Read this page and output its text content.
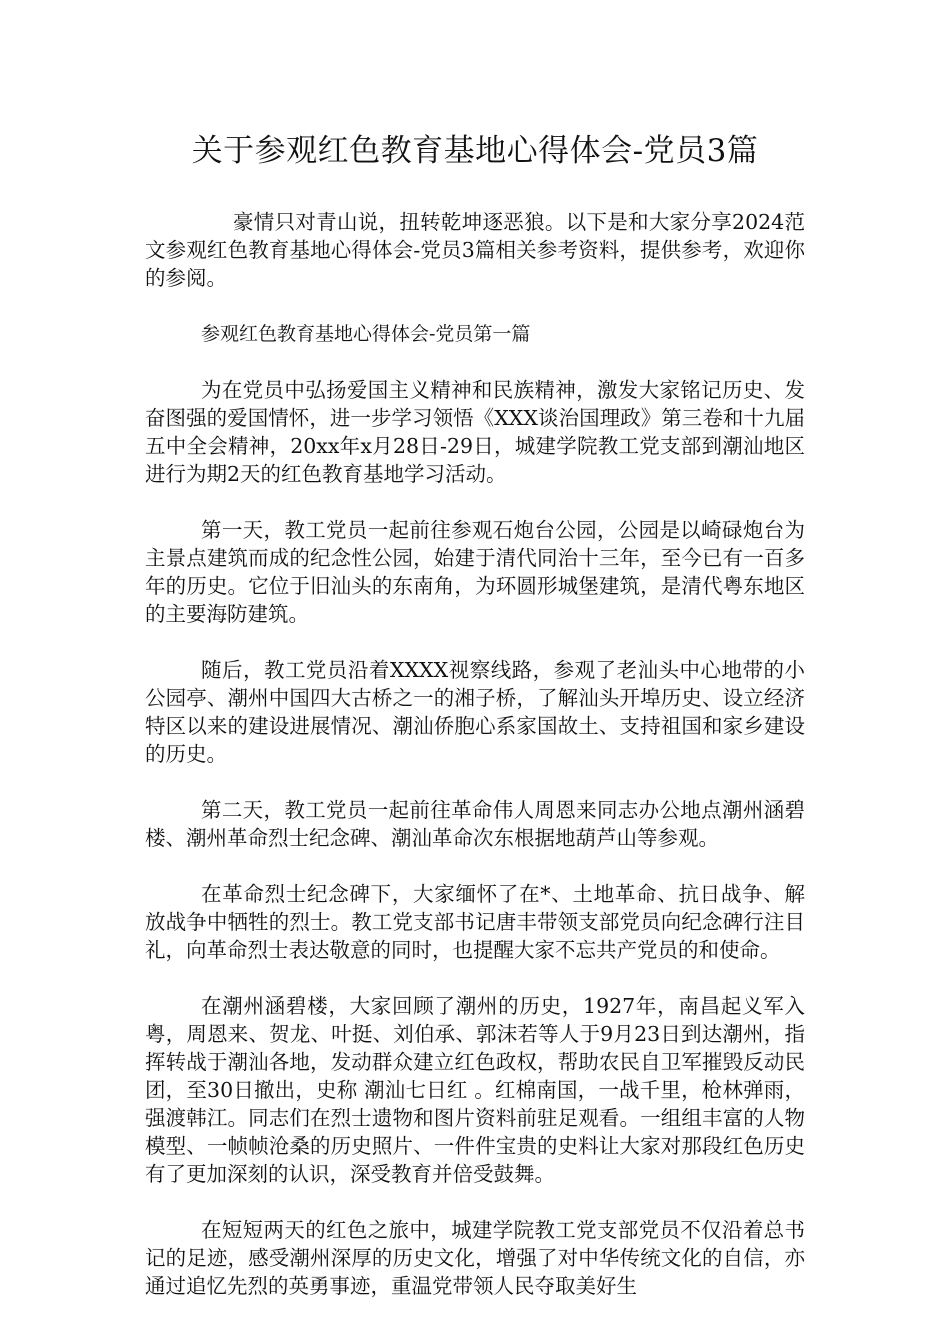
关于参观红色教育基地心得体会-党员3篇

豪情只对青山说，扭转乾坤逐恶狼。以下是和大家分享2024范文参观红色教育基地心得体会-党员3篇相关参考资料，提供参考，欢迎你的参阅。

参观红色教育基地心得体会-党员第一篇

为在党员中弘扬爱国主义精神和民族精神，激发大家铭记历史、发奋图强的爱国情怀，进一步学习领悟《XXX谈治国理政》第三卷和十九届五中全会精神，20xx年x月28日-29日，城建学院教工党支部到潮汕地区进行为期2天的红色教育基地学习活动。

第一天，教工党员一起前往参观石炮台公园，公园是以崎碌炮台为主景点建筑而成的纪念性公园，始建于清代同治十三年，至今已有一百多年的历史。它位于旧汕头的东南角，为环圆形城堡建筑，是清代粤东地区的主要海防建筑。

随后，教工党员沿着XXXX视察线路，参观了老汕头中心地带的小公园亭、潮州中国四大古桥之一的湘子桥，了解汕头开埠历史、设立经济特区以来的建设进展情况、潮汕侨胞心系家国故土、支持祖国和家乡建设的历史。

第二天，教工党员一起前往革命伟人周恩来同志办公地点潮州涵碧楼、潮州革命烈士纪念碑、潮汕革命次东根据地葫芦山等参观。

在革命烈士纪念碑下，大家缅怀了在*、土地革命、抗日战争、解放战争中牺牲的烈士。教工党支部书记唐丰带领支部党员向纪念碑行注目礼，向革命烈士表达敬意的同时，也提醒大家不忘共产党员的和使命。

在潮州涵碧楼，大家回顾了潮州的历史，1927年，南昌起义军入粤，周恩来、贺龙、叶挺、刘伯承、郭沫若等人于9月23日到达潮州，指挥转战于潮汕各地，发动群众建立红色政权，帮助农民自卫军摧毁反动民团，至30日撤出，史称 潮汕七日红 。红棉南国，一战千里，枪林弹雨，强渡韩江。同志们在烈士遗物和图片资料前驻足观看。一组组丰富的人物模型、一帧帧沧桑的历史照片、一件件宝贵的史料让大家对那段红色历史有了更加深刻的认识，深受教育并倍受鼓舞。

在短短两天的红色之旅中，城建学院教工党支部党员不仅沿着总书记的足迹，感受潮州深厚的历史文化，增强了对中华传统文化的自信，亦通过追忆先烈的英勇事迹，重温党带领人民夺取美好生
